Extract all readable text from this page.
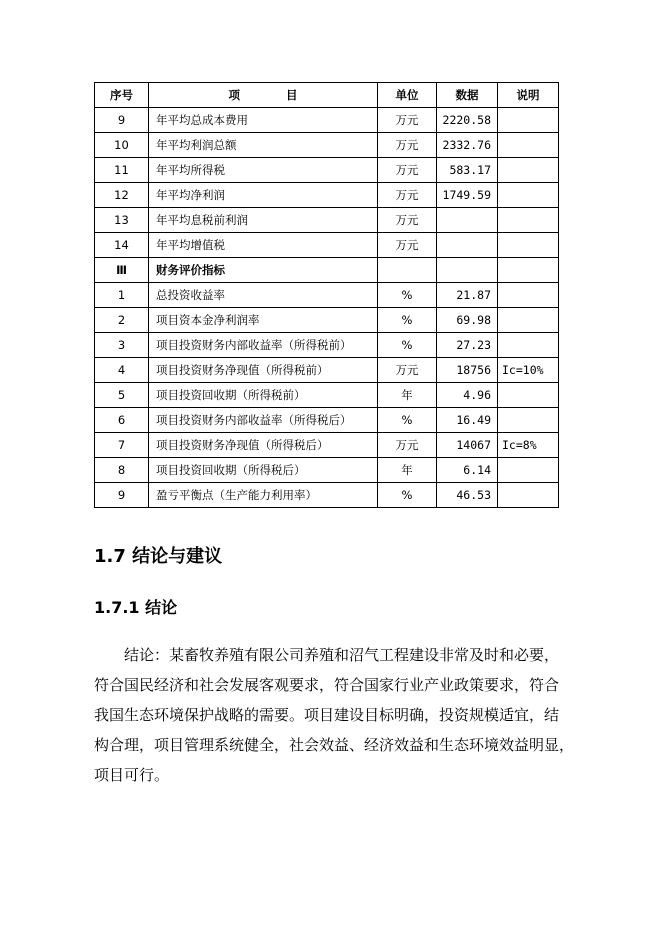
序号	项　　　　目	单位	数据	说明
9	年平均总成本费用	万元	2220.58	
10	年平均利润总额	万元	2332.76	
11	年平均所得税	万元	583.17	
12	年平均净利润	万元	1749.59	
13	年平均息税前利润	万元		
14	年平均增值税	万元		
Ⅲ	财务评价指标			
1	总投资收益率	%	21.87	
2	项目资本金净利润率	%	69.98	
3	项目投资财务内部收益率（所得税前）	%	27.23	
4	项目投资财务净现值（所得税前）	万元	18756	Ic=10%
5	项目投资回收期（所得税前）	年	4.96	
6	项目投资财务内部收益率（所得税后）	%	16.49	
7	项目投资财务净现值（所得税后）	万元	14067	Ic=8%
8	项目投资回收期（所得税后）	年	6.14	
9	盈亏平衡点（生产能力利用率）	%	46.53	
1.7 结论与建议
1.7.1 结论

结论：某畜牧养殖有限公司养殖和沼气工程建设非常及时和必要，
符合国民经济和社会发展客观要求，符合国家行业产业政策要求，符合
我国生态环境保护战略的需要。项目建设目标明确，投资规模适宜，结
构合理，项目管理系统健全，社会效益、经济效益和生态环境效益明显，
项目可行。
